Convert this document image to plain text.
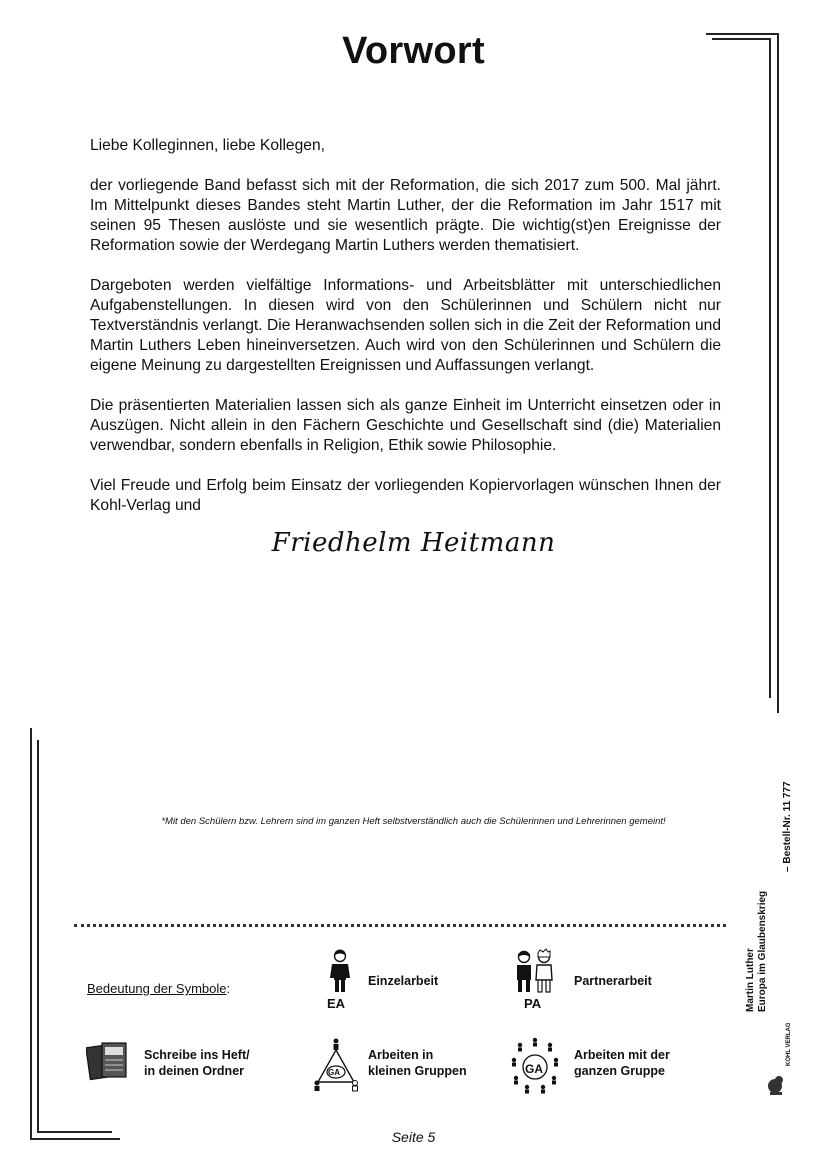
Vorwort

Liebe Kolleginnen, liebe Kollegen,

der vorliegende Band befasst sich mit der Reformation, die sich 2017 zum 500. Mal jährt. Im Mittelpunkt dieses Bandes steht Martin Luther, der die Reformation im Jahr 1517 mit seinen 95 Thesen auslöste und sie wesentlich prägte. Die wichtig(st)en Ereignisse der Reformation sowie der Werdegang Martin Luthers werden thematisiert.

Dargeboten werden vielfältige Informations- und Arbeitsblätter mit unterschiedlichen Aufgabenstellungen. In diesen wird von den Schülerinnen und Schülern nicht nur Textverständnis verlangt. Die Heranwachsenden sollen sich in die Zeit der Reformation und Martin Luthers Leben hineinversetzen. Auch wird von den Schülerinnen und Schülern die eigene Meinung zu dargestellten Ereignissen und Auffassungen verlangt.

Die präsentierten Materialien lassen sich als ganze Einheit im Unterricht einsetzen oder in Auszügen. Nicht allein in den Fächern Geschichte und Gesellschaft sind (die) Materialien verwendbar, sondern ebenfalls in Religion, Ethik sowie Philosophie.

Viel Freude und Erfolg beim Einsatz der vorliegenden Kopiervorlagen wünschen Ihnen der Kohl-Verlag und

Friedhelm Heitmann
*Mit den Schülern bzw. Lehrern sind im ganzen Heft selbstverständlich auch die Schülerinnen und Lehrerinnen gemeint!
Bedeutung der Symbole:
EA
Einzelarbeit
PA
Partnerarbeit
Schreibe ins Heft/
in deinen Ordner	GA
Arbeiten in
kleinen Gruppen	GA
Arbeiten mit der
ganzen Gruppe
Martin Luther
Europa im Glaubenskrieg
– Bestell-Nr. 11 777
KOHL VERLAG
Seite 5
